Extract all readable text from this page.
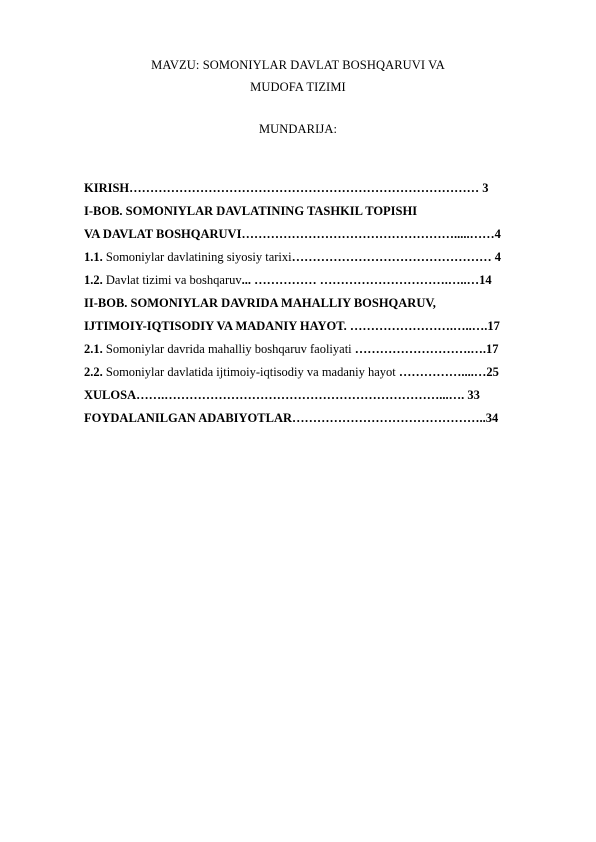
MAVZU: SOMONIYLAR DAVLAT BOSHQARUVI VA
MUDOFA TIZIMI
MUNDARIJA:
KIRISH………………………………………………………………………… 3
I-BOB. SOMONIYLAR DAVLATINING TASHKIL TOPISHI
VA DAVLAT BOSHQARUVI…………………………………………….....……4
1.1. Somoniylar davlatining siyosiy tarixi………………………………………… 4
1.2. Davlat tizimi va boshqaruv... …………… ………………………….…..…14
II-BOB. SOMONIYLAR DAVRIDA MAHALLIY BOSHQARUV,
IJTIMOIY-IQTISODIY VA MADANIY HAYOT. …………………….…..….17
2.1. Somoniylar davrida mahalliy boshqaruv faoliyati ……………………….….17
2.2. Somoniylar davlatida ijtimoiy-iqtisodiy va madaniy hayot ……………....…25
XULOSA…….…………………………………………………………...…. 33
FOYDALANILGAN ADABIYOTLAR………………………………………..34
